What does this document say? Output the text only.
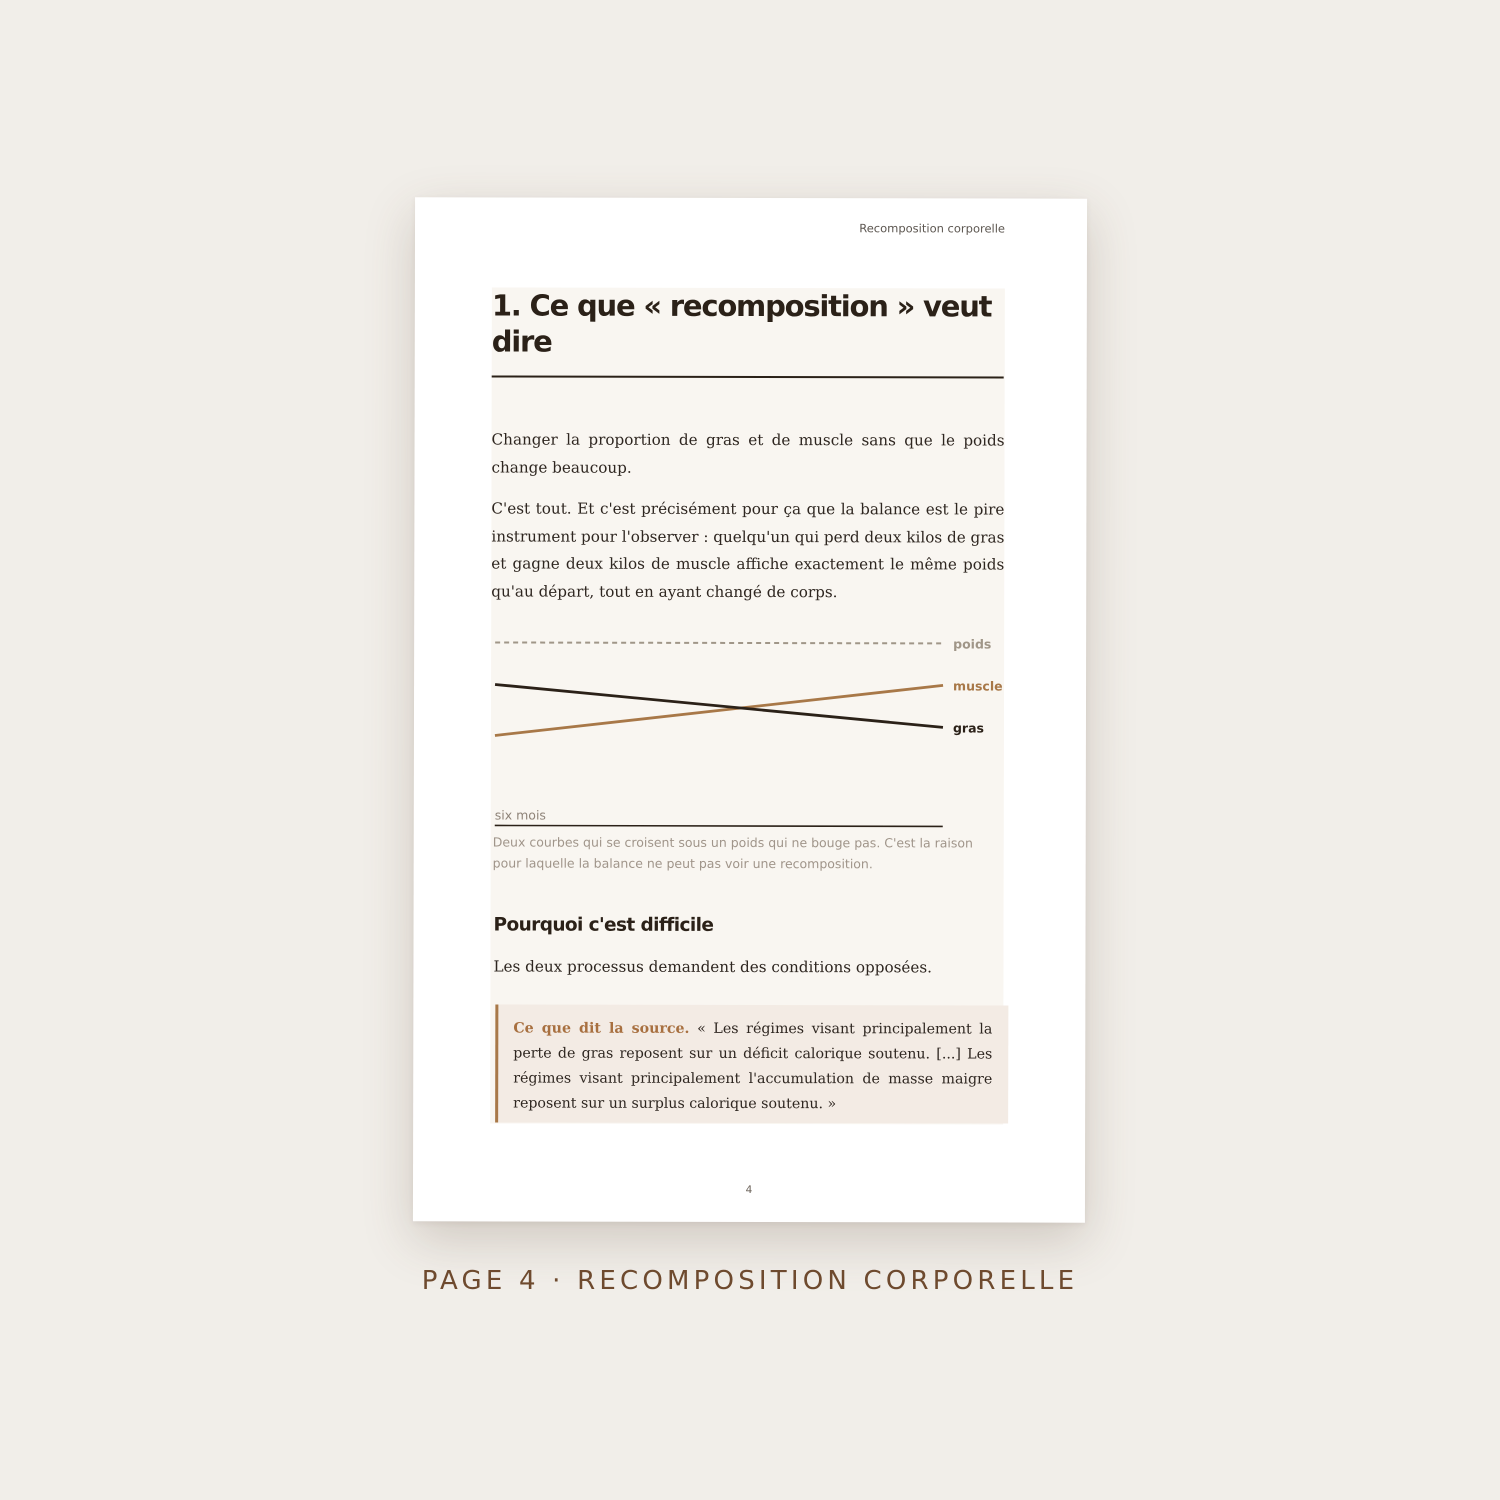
Recomposition corporelle
1. Ce que « recomposition » veut dire

Changer la proportion de gras et de muscle sans que le poids change beaucoup.

C'est tout. Et c'est précisément pour ça que la balance est le pire instrument pour l'observer : quelqu'un qui perd deux kilos de gras et gagne deux kilos de muscle affiche exactement le même poids qu'au départ, tout en ayant changé de corps.

poids
muscle
gras
six mois

Deux courbes qui se croisent sous un poids qui ne bouge pas. C'est la raison pour laquelle la balance ne peut pas voir une recomposition.

Pourquoi c'est difficile

Les deux processus demandent des conditions opposées.

Ce que dit la source. « Les régimes visant principalement la perte de gras reposent sur un déficit calorique soutenu. [...] Les régimes visant principalement l'accumulation de masse maigre reposent sur un surplus calorique soutenu. »

4
PAGE 4 · RECOMPOSITION CORPORELLE
